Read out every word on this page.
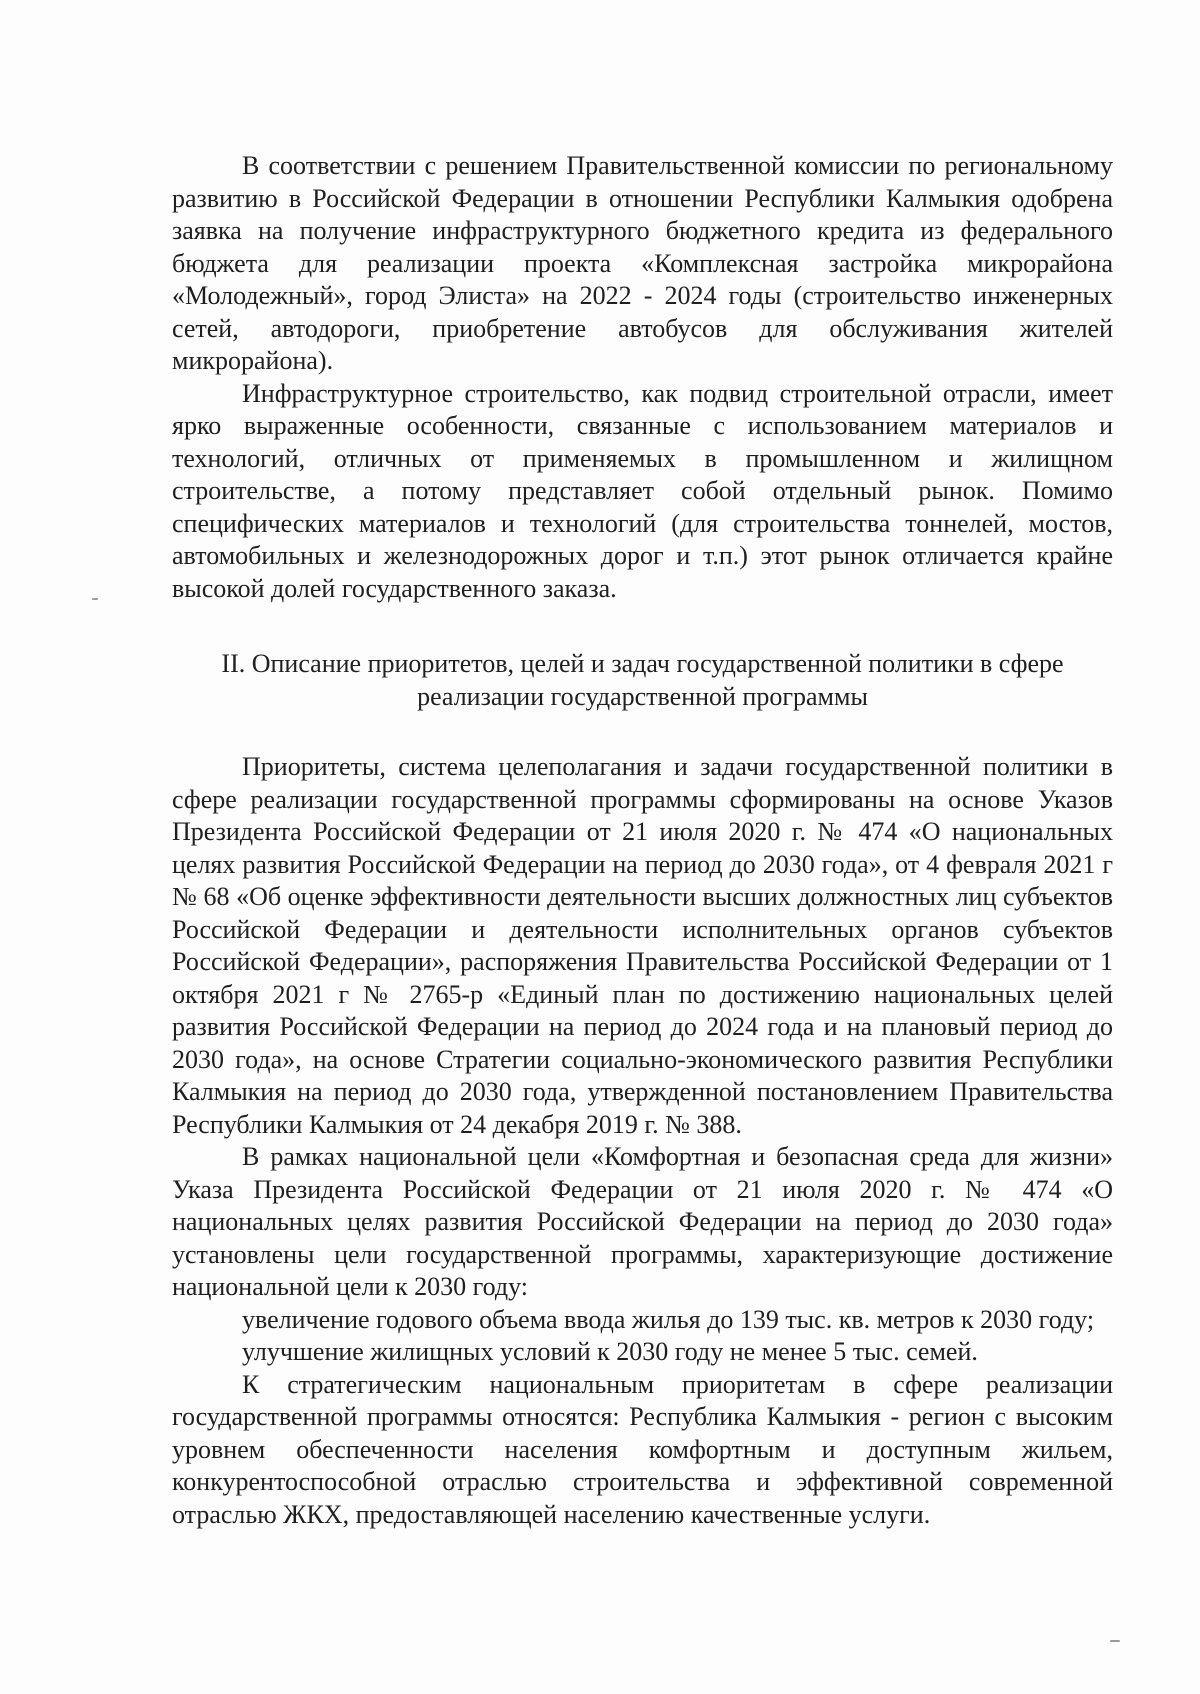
В соответствии с решением Правительственной комиссии по региональному развитию в Российской Федерации в отношении Республики Калмыкия одобрена заявка на получение инфраструктурного бюджетного кредита из федерального бюджета для реализации проекта «Комплексная застройка микрорайона «Молодежный», город Элиста» на 2022 - 2024 годы (строительство инженерных сетей, автодороги, приобретение автобусов для обслуживания жителей микрорайона).

Инфраструктурное строительство, как подвид строительной отрасли, имеет ярко выраженные особенности, связанные с использованием материалов и технологий, отличных от применяемых в промышленном и жилищном строительстве, а потому представляет собой отдельный рынок. Помимо специфических материалов и технологий (для строительства тоннелей, мостов, автомобильных и железнодорожных дорог и т.п.) этот рынок отличается крайне высокой долей государственного заказа.

II. Описание приоритетов, целей и задач государственной политики в сфере
реализации государственной программы

Приоритеты, система целеполагания и задачи государственной политики в сфере реализации государственной программы сформированы на основе Указов Президента Российской Федерации от 21 июля 2020 г. № 474 «О национальных целях развития Российской Федерации на период до 2030 года», от 4 февраля 2021 г № 68 «Об оценке эффективности деятельности высших должностных лиц субъектов Российской Федерации и деятельности исполнительных органов субъектов Российской Федерации», распоряжения Правительства Российской Федерации от 1 октября 2021 г № 2765-р «Единый план по достижению национальных целей развития Российской Федерации на период до 2024 года и на плановый период до 2030 года», на основе Стратегии социально-экономического развития Республики Калмыкия на период до 2030 года, утвержденной постановлением Правительства Республики Калмыкия от 24 декабря 2019 г. № 388.

В рамках национальной цели «Комфортная и безопасная среда для жизни» Указа Президента Российской Федерации от 21 июля 2020 г. № 474 «О национальных целях развития Российской Федерации на период до 2030 года» установлены цели государственной программы, характеризующие достижение национальной цели к 2030 году:

увеличение годового объема ввода жилья до 139 тыс. кв. метров к 2030 году;

улучшение жилищных условий к 2030 году не менее 5 тыс. семей.

К стратегическим национальным приоритетам в сфере реализации государственной программы относятся: Республика Калмыкия - регион с высоким уровнем обеспеченности населения комфортным и доступным жильем, конкурентоспособной отраслью строительства и эффективной современной отраслью ЖКХ, предоставляющей населению качественные услуги.
